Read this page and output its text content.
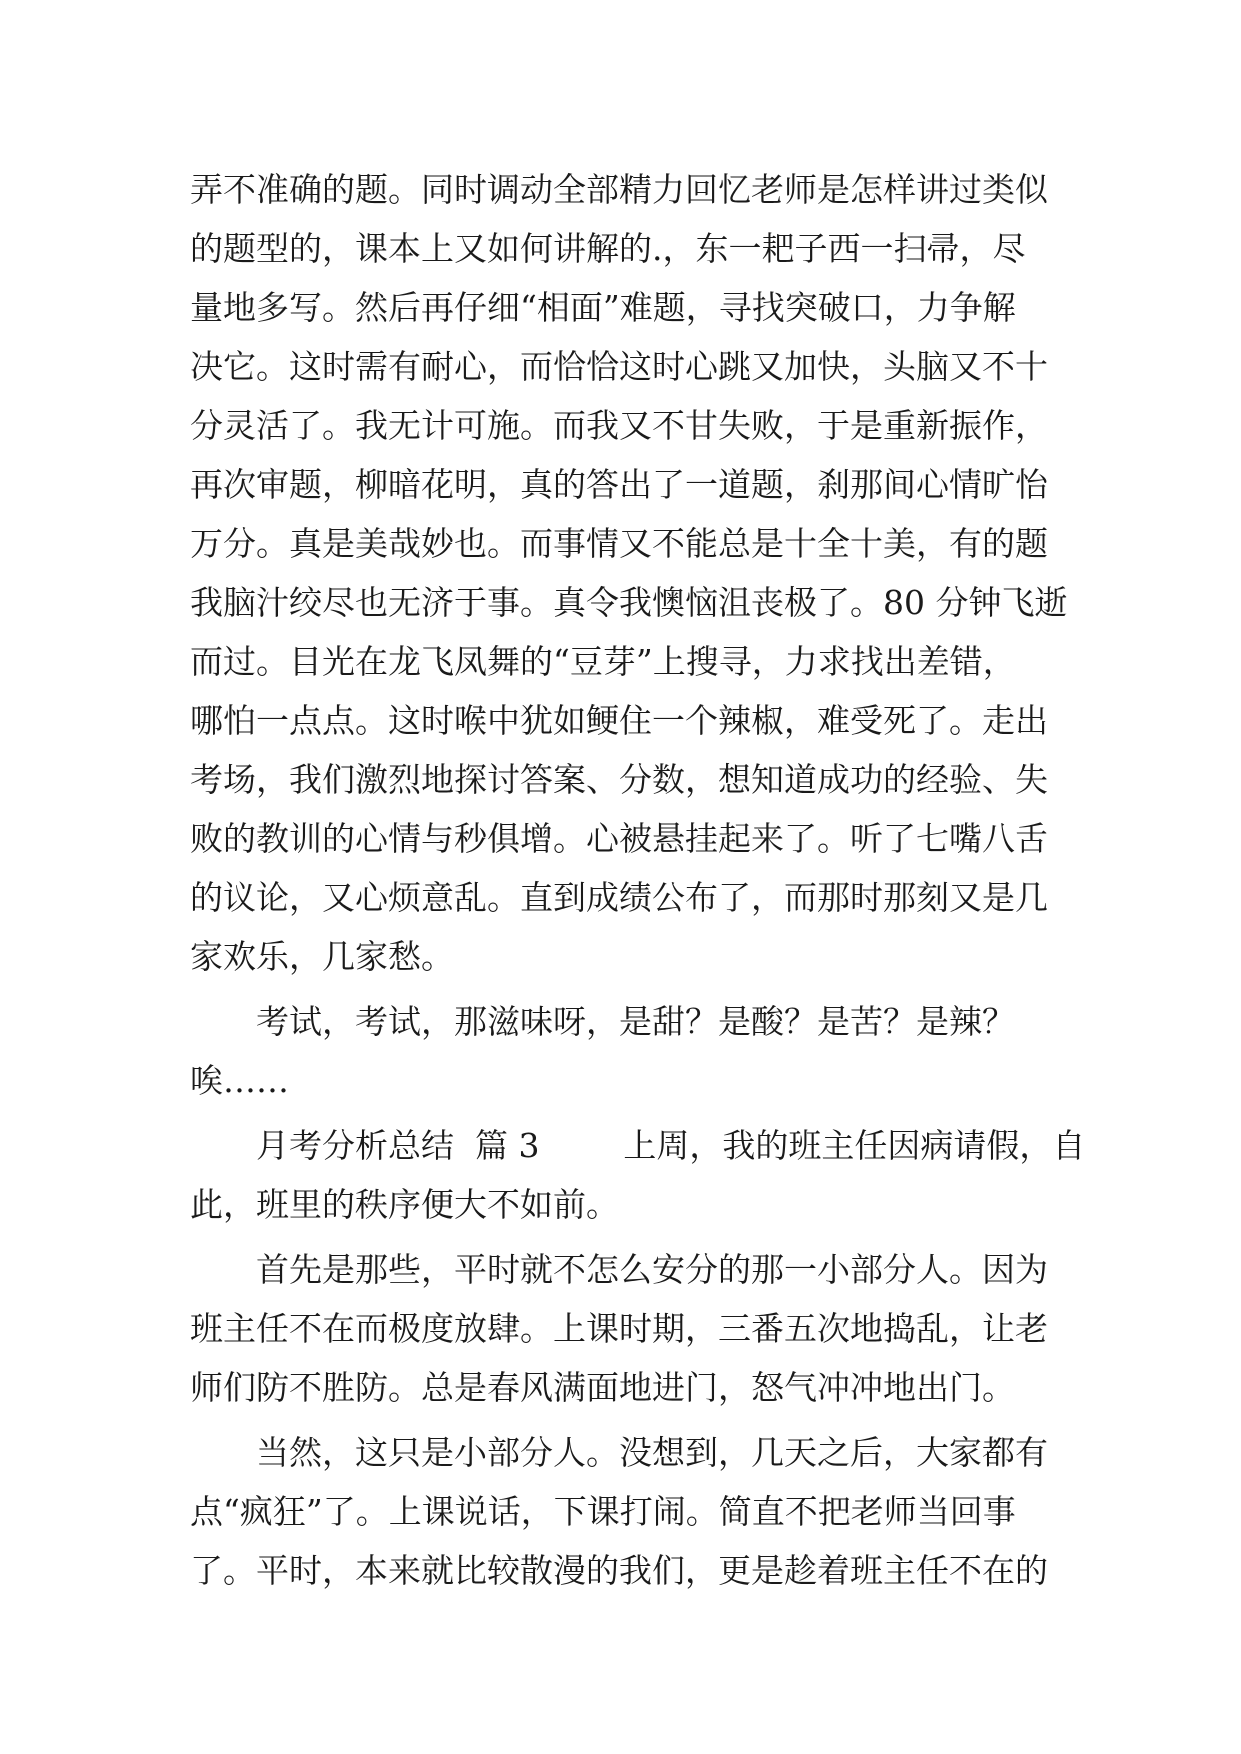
弄不准确的题。同时调动全部精力回忆老师是怎样讲过类似
的题型的，课本上又如何讲解的.，东一耙子西一扫帚，尽
量地多写。然后再仔细“相面”难题，寻找突破口，力争解
决它。这时需有耐心，而恰恰这时心跳又加快，头脑又不十
分灵活了。我无计可施。而我又不甘失败，于是重新振作，
再次审题，柳暗花明，真的答出了一道题，刹那间心情旷怡
万分。真是美哉妙也。而事情又不能总是十全十美，有的题
我脑汁绞尽也无济于事。真令我懊恼沮丧极了。80 分钟飞逝
而过。目光在龙飞凤舞的“豆芽”上搜寻，力求找出差错，
哪怕一点点。这时喉中犹如鲠住一个辣椒，难受死了。走出
考场，我们激烈地探讨答案、分数，想知道成功的经验、失
败的教训的心情与秒俱增。心被悬挂起来了。听了七嘴八舌
的议论，又心烦意乱。直到成绩公布了，而那时那刻又是几
家欢乐，几家愁。
考试，考试，那滋味呀，是甜？是酸？是苦？是辣？
唉……
月考分析总结  篇 3        上周，我的班主任因病请假，自
此，班里的秩序便大不如前。
首先是那些，平时就不怎么安分的那一小部分人。因为
班主任不在而极度放肆。上课时期，三番五次地捣乱，让老
师们防不胜防。总是春风满面地进门，怒气冲冲地出门。
当然，这只是小部分人。没想到，几天之后，大家都有
点“疯狂”了。上课说话，下课打闹。简直不把老师当回事
了。平时，本来就比较散漫的我们，更是趁着班主任不在的
